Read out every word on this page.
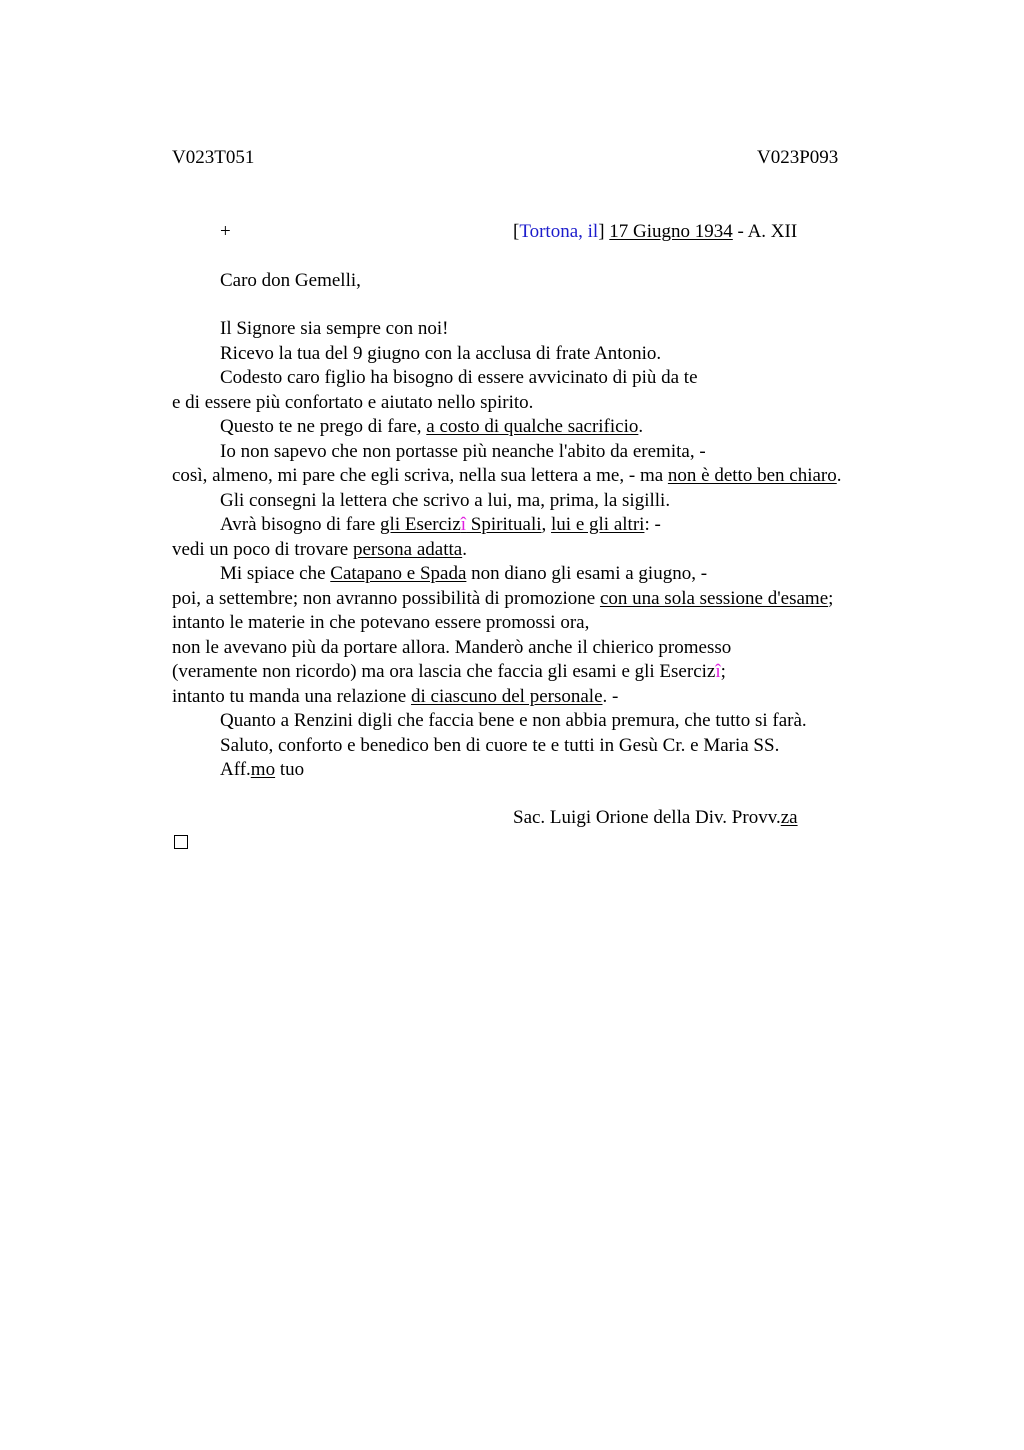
V023T051	V023P093
+	[Tortona, il] 17 Giugno 1934 - A. XII
Caro don Gemelli,
Il Signore sia sempre con noi!
Ricevo la tua del 9 giugno con la acclusa di frate Antonio.
Codesto caro figlio ha bisogno di essere avvicinato di più da te
e di essere più confortato e aiutato nello spirito.
Questo te ne prego di fare, a costo di qualche sacrificio.
Io non sapevo che non portasse più neanche l'abito da eremita, -
così, almeno, mi pare che egli scriva, nella sua lettera a me, - ma non è detto ben chiaro.
Gli consegni la lettera che scrivo a lui, ma, prima, la sigilli.
Avrà bisogno di fare gli Esercizî Spirituali, lui e gli altri: -
vedi un poco di trovare persona adatta.
Mi spiace che Catapano e Spada non diano gli esami a giugno, -
poi, a settembre; non avranno possibilità di promozione con una sola sessione d'esame;
intanto le materie in che potevano essere promossi ora,
non le avevano più da portare allora. Manderò anche il chierico promesso
(veramente non ricordo) ma ora lascia che faccia gli esami e gli Esercizî;
intanto tu manda una relazione di ciascuno del personale. -
Quanto a Renzini digli che faccia bene e non abbia premura, che tutto si farà.
Saluto, conforto e benedico ben di cuore te e tutti in Gesù Cr. e Maria SS.
Aff.mo tuo
Sac. Luigi Orione della Div. Provv.za
